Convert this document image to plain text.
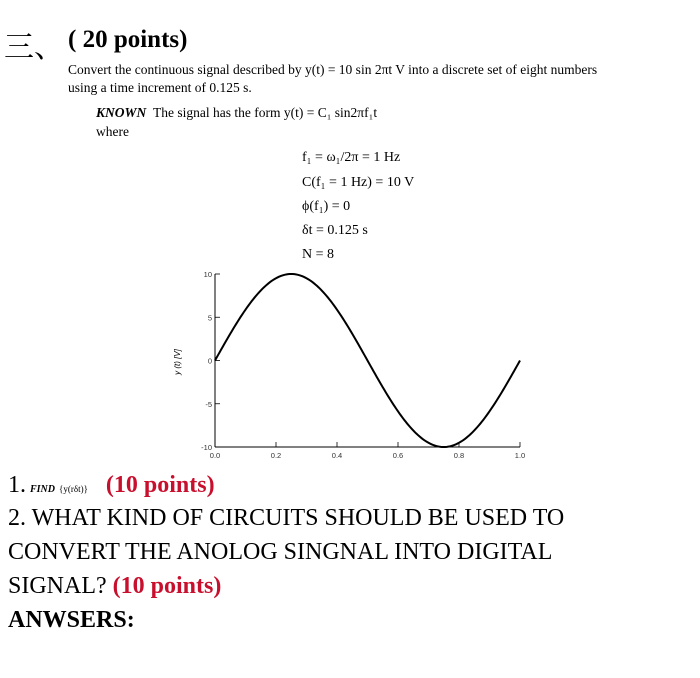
三、 ( 20 points)
Convert the continuous signal described by y(t) = 10 sin 2πt V into a discrete set of eight numbers
using a time increment of 0.125 s.
KNOWN The signal has the form y(t) = C₁ sin2πf₁t
where
f₁ = ω₁/2π = 1 Hz
C(f₁ = 1 Hz) = 10 V
ϕ(f₁) = 0
δt = 0.125 s
N = 8
0.0	0.2	0.4	0.6	0.8	1.0
10
5
0
-5
-10
y (t) [V]
1. FIND {y(rδt)} (10 points)
2. WHAT KIND OF CIRCUITS SHOULD BE USED TO
CONVERT THE ANOLOG SINGNAL INTO DIGITAL
SIGNAL? (10 points)
ANWSERS:
